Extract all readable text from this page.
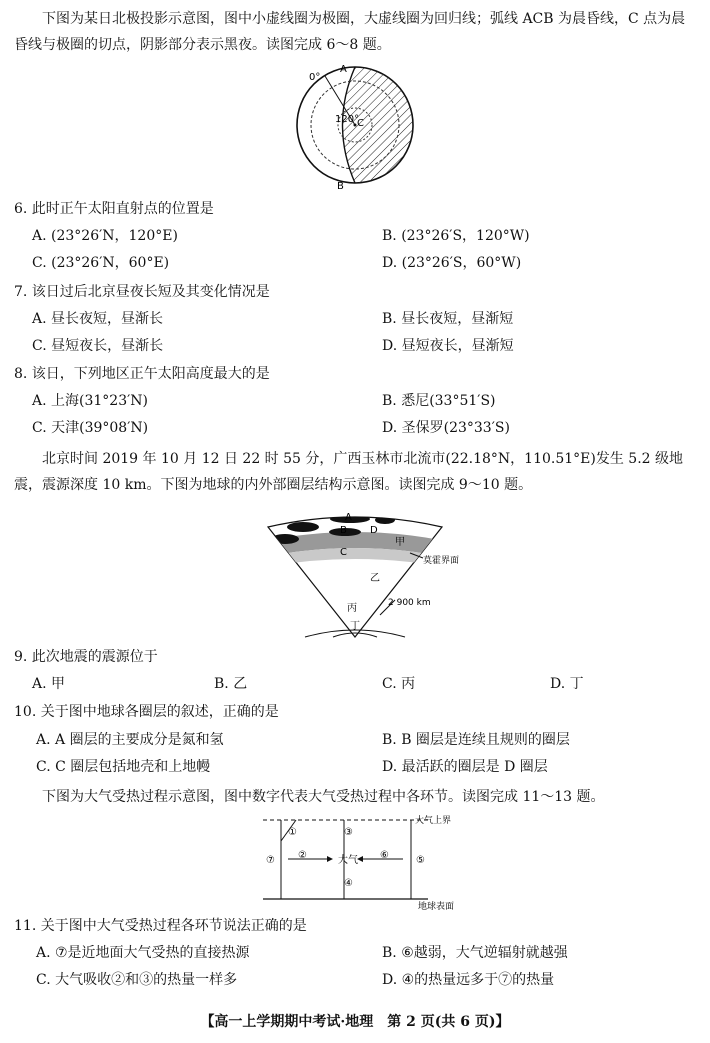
下图为某日北极投影示意图，图中小虚线圈为极圈，大虚线圈为回归线；弧线 ACB 为晨昏线，C 点为晨昏线与极圈的切点，阴影部分表示黑夜。读图完成 6～8 题。
0°
A
120°
C
B
6. 此时正午太阳直射点的位置是
A. (23°26′N，120°E)	B. (23°26′S，120°W)
C. (23°26′N，60°E)	D. (23°26′S，60°W)
7. 该日过后北京昼夜长短及其变化情况是
A. 昼长夜短，昼渐长	B. 昼长夜短，昼渐短
C. 昼短夜长，昼渐长	D. 昼短夜长，昼渐短
8. 该日，下列地区正午太阳高度最大的是
A. 上海(31°23′N)	B. 悉尼(33°51′S)
C. 天津(39°08′N)	D. 圣保罗(23°33′S)
北京时间 2019 年 10 月 12 日 22 时 55 分，广西玉林市北流市(22.18°N，110.51°E)发生 5.2 级地震，震源深度 10 km。下图为地球的内外部圈层结构示意图。读图完成 9～10 题。
A
B D
甲
C
莫霍界面
乙
丙	2 900 km
丁
9. 此次地震的震源位于
A. 甲	B. 乙	C. 丙	D. 丁
10. 关于图中地球各圈层的叙述，正确的是
A. A 圈层的主要成分是氮和氢	B. B 圈层是连续且规则的圈层
C. C 圈层包括地壳和上地幔	D. 最活跃的圈层是 D 圈层
下图为大气受热过程示意图，图中数字代表大气受热过程中各环节。读图完成 11～13 题。
①	③
大气上界
⑦ ②	大气 ⑥	⑤
④
地球表面
11. 关于图中大气受热过程各环节说法正确的是
A. ⑦是近地面大气受热的直接热源	B. ⑥越弱，大气逆辐射就越强
C. 大气吸收②和③的热量一样多	D. ④的热量远多于⑦的热量
【高一上学期期中考试·地理　第 2 页(共 6 页)】
